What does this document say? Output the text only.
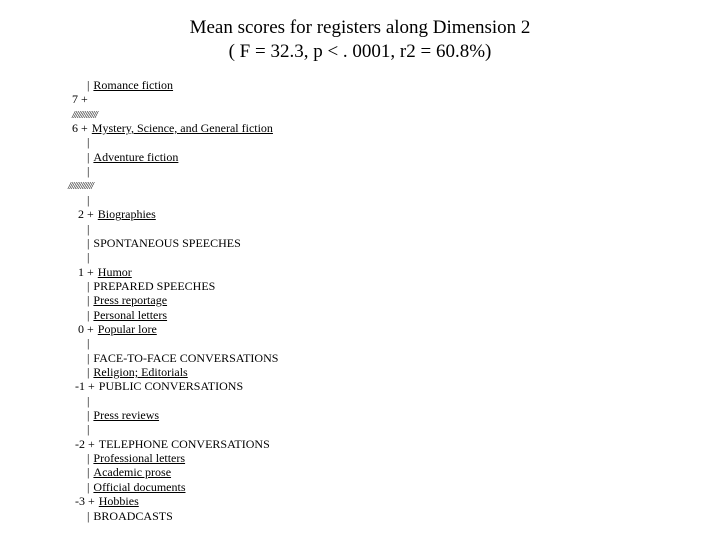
Mean scores for registers along Dimension 2
( F = 32.3, p < . 0001, r2 = 60.8%)
| Romance fiction
7 +
//////////////
6 + Mystery, Science, and General fiction
|
| Adventure fiction
|
//////////////
|
2 + Biographies
|
| SPONTANEOUS SPEECHES
|
1 + Humor
| PREPARED SPEECHES
| Press reportage
| Personal letters
0 + Popular lore
|
| FACE-TO-FACE CONVERSATIONS
| Religion; Editorials
-1 + PUBLIC CONVERSATIONS
|
| Press reviews
|
-2 + TELEPHONE CONVERSATIONS
| Professional letters
| Academic prose
| Official documents
-3 + Hobbies
| BROADCASTS
